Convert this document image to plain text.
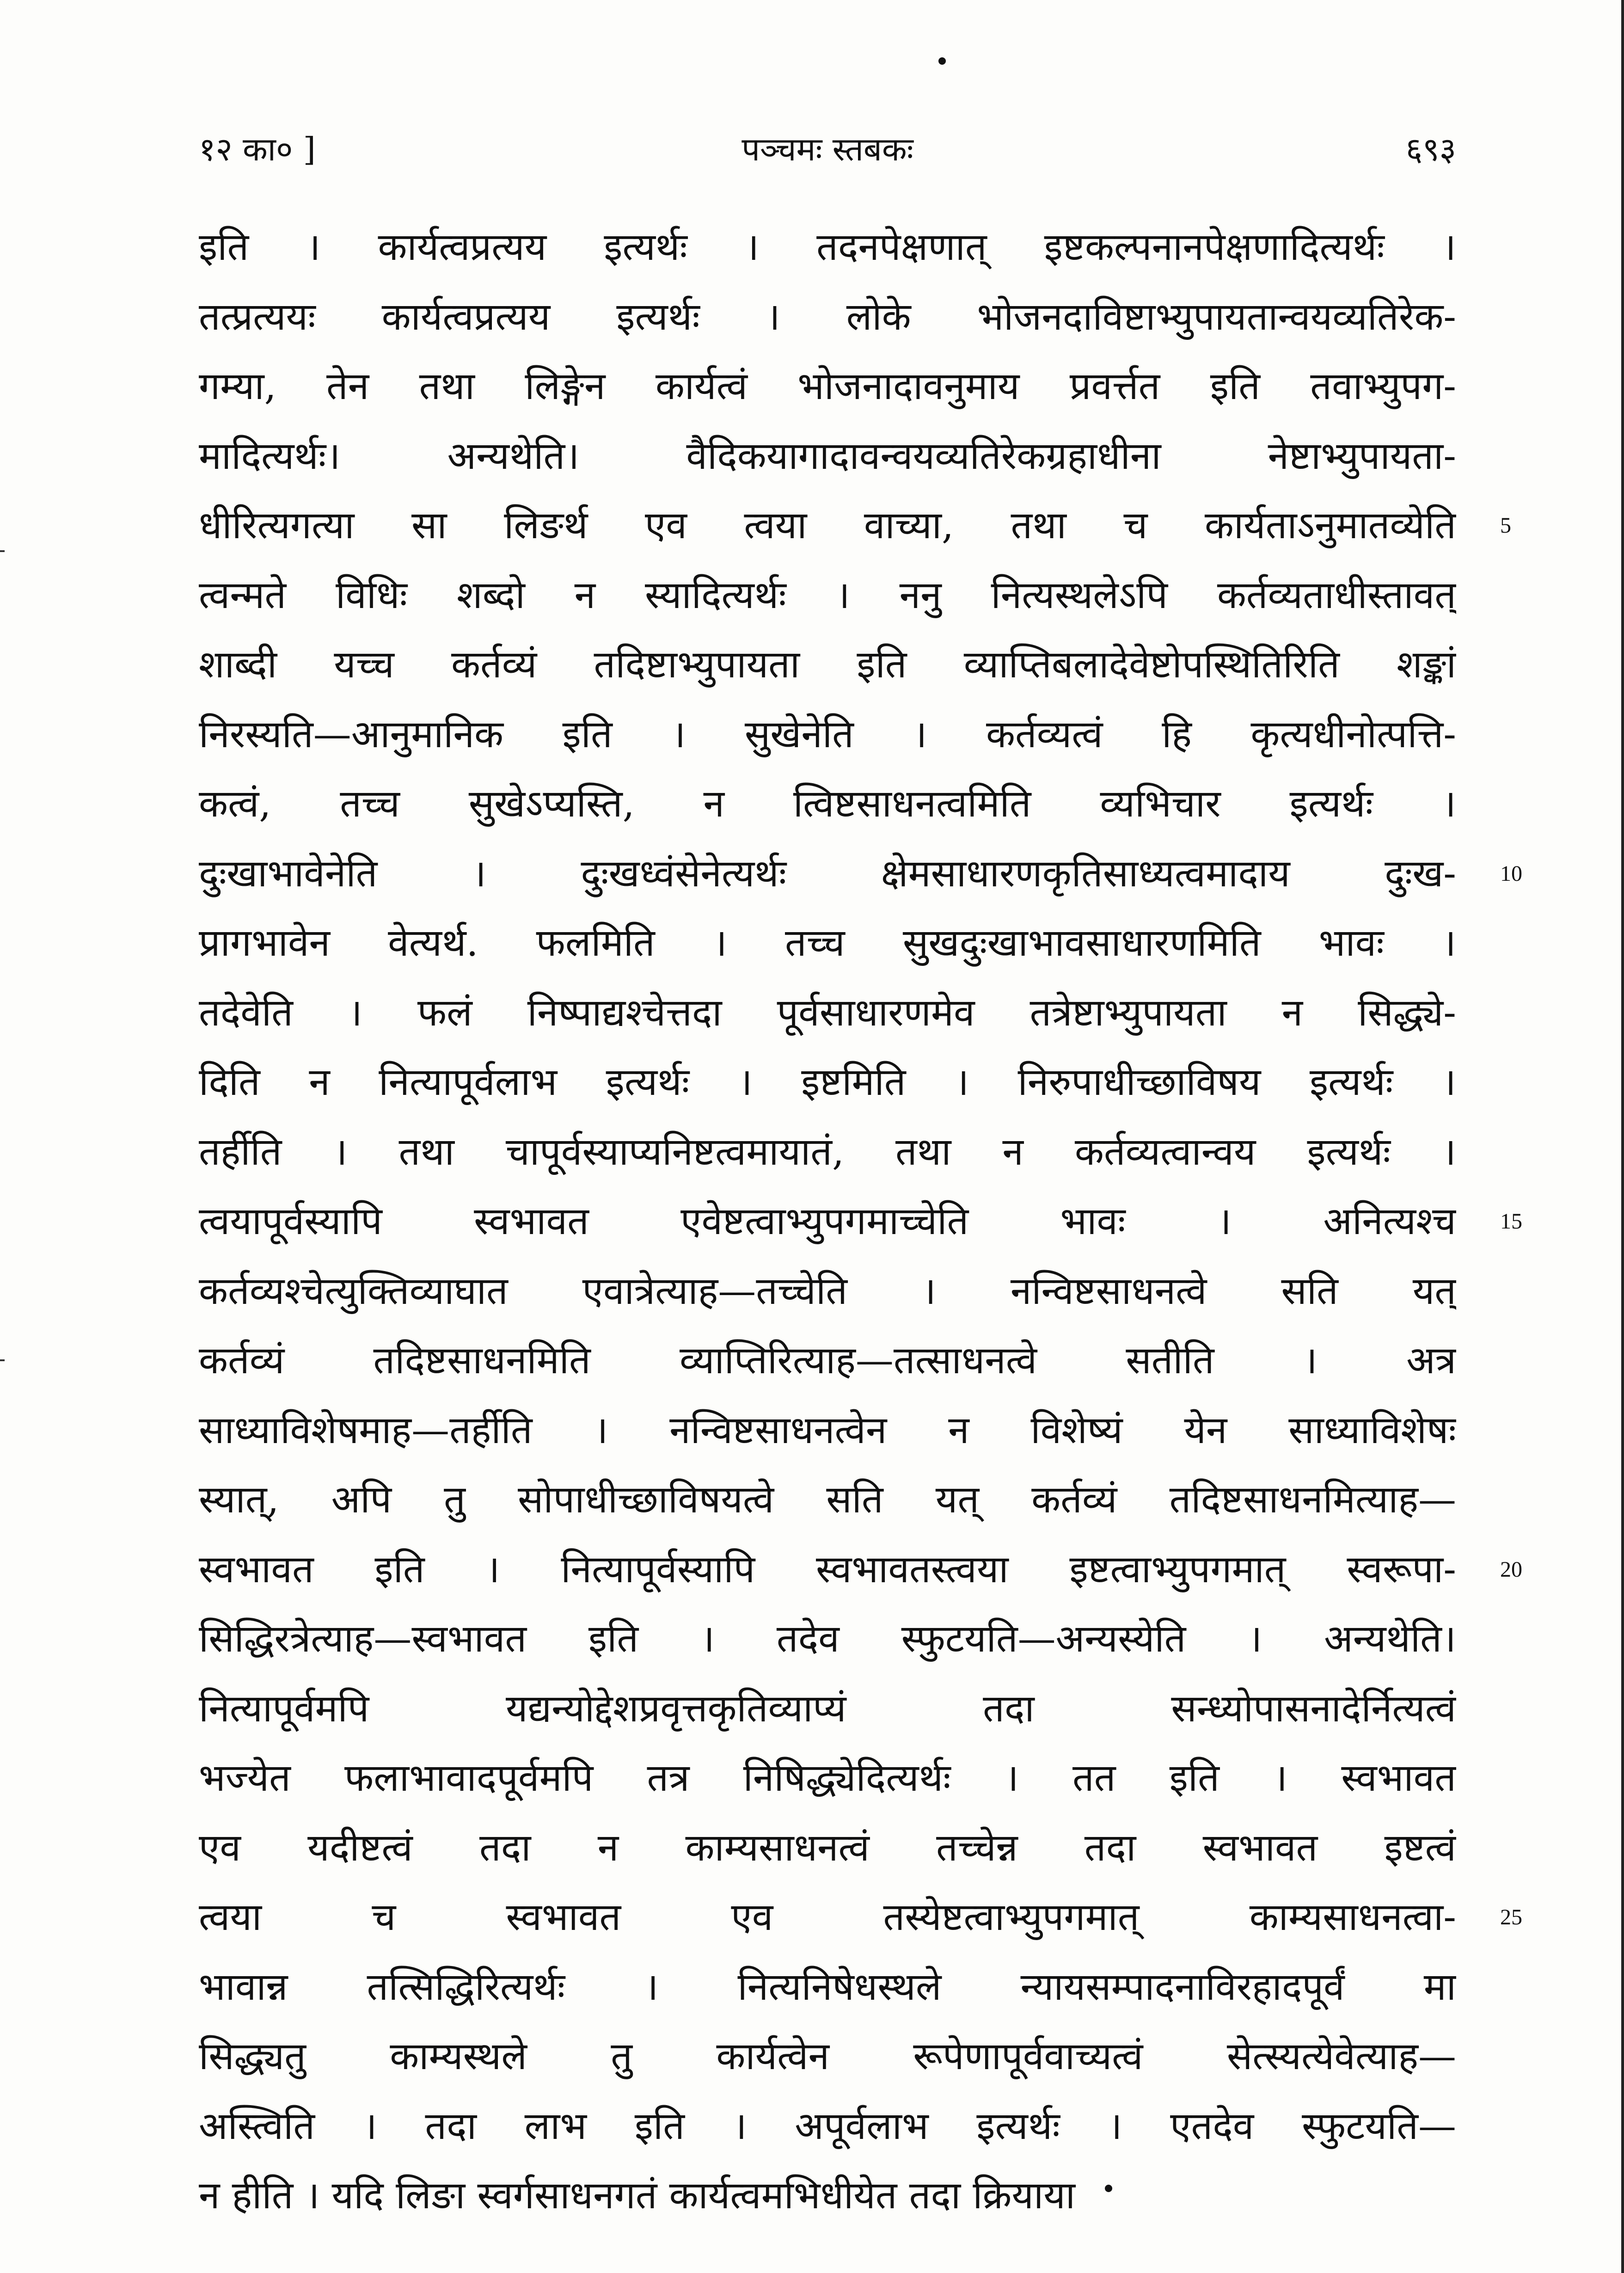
१२ का० ]	पञ्चमः स्तबकः	६९३
इति । कार्यत्वप्रत्यय इत्यर्थः । तदनपेक्षणात् इष्टकल्पनानपेक्षणादित्यर्थः ।
तत्प्रत्ययः कार्यत्वप्रत्यय इत्यर्थः । लोके भोजनदाविष्टाभ्युपायतान्वयव्यतिरेक-
गम्या, तेन तथा लिङ्गेन कार्यत्वं भोजनादावनुमाय प्रवर्त्तत इति तवाभ्युपग-
मादित्यर्थः। अन्यथेति। वैदिकयागादावन्वयव्यतिरेकग्रहाधीना नेष्टाभ्युपायता-
धीरित्यगत्या सा लिङर्थ एव त्वया वाच्या, तथा च कार्यताऽनुमातव्येति
त्वन्मते विधिः शब्दो न स्यादित्यर्थः । ननु नित्यस्थलेऽपि कर्तव्यताधीस्तावत्
शाब्दी यच्च कर्तव्यं तदिष्टाभ्युपायता इति व्याप्तिबलादेवेष्टोपस्थितिरिति शङ्कां
निरस्यति—आनुमानिक इति । सुखेनेति । कर्तव्यत्वं हि कृत्यधीनोत्पत्ति-
कत्वं, तच्च सुखेऽप्यस्ति, न त्विष्टसाधनत्वमिति व्यभिचार इत्यर्थः ।
दुःखाभावेनेति । दुःखध्वंसेनेत्यर्थः क्षेमसाधारणकृतिसाध्यत्वमादाय दुःख-
प्रागभावेन वेत्यर्थ. फलमिति । तच्च सुखदुःखाभावसाधारणमिति भावः ।
तदेवेति । फलं निष्पाद्यश्चेत्तदा पूर्वसाधारणमेव तत्रेष्टाभ्युपायता न सिद्ध्ये-
दिति न नित्यापूर्वलाभ इत्यर्थः । इष्टमिति । निरुपाधीच्छाविषय इत्यर्थः ।
तर्हीति । तथा चापूर्वस्याप्यनिष्टत्वमायातं, तथा न कर्तव्यत्वान्वय इत्यर्थः ।
त्वयापूर्वस्यापि स्वभावत एवेष्टत्वाभ्युपगमाच्चेति भावः । अनित्यश्च
कर्तव्यश्चेत्युक्तिव्याघात एवात्रेत्याह—तच्चेति । नन्विष्टसाधनत्वे सति यत्
कर्तव्यं तदिष्टसाधनमिति व्याप्तिरित्याह—तत्साधनत्वे सतीति । अत्र
साध्याविशेषमाह—तर्हीति । नन्विष्टसाधनत्वेन न विशेष्यं येन साध्याविशेषः
स्यात्, अपि तु सोपाधीच्छाविषयत्वे सति यत् कर्तव्यं तदिष्टसाधनमित्याह—
स्वभावत इति । नित्यापूर्वस्यापि स्वभावतस्त्वया इष्टत्वाभ्युपगमात् स्वरूपा-
सिद्धिरत्रेत्याह—स्वभावत इति । तदेव स्फुटयति—अन्यस्येति । अन्यथेति।
नित्यापूर्वमपि यद्यन्योद्देशप्रवृत्तकृतिव्याप्यं तदा सन्ध्योपासनादेर्नित्यत्वं
भज्येत फलाभावादपूर्वमपि तत्र निषिद्ध्येदित्यर्थः । तत इति । स्वभावत
एव यदीष्टत्वं तदा न काम्यसाधनत्वं तच्चेन्न तदा स्वभावत इष्टत्वं
त्वया च स्वभावत एव तस्येष्टत्वाभ्युपगमात् काम्यसाधनत्वा-
भावान्न तत्सिद्धिरित्यर्थः । नित्यनिषेधस्थले न्यायसम्पादनाविरहादपूर्वं मा
सिद्ध्यतु काम्यस्थले तु कार्यत्वेन रूपेणापूर्ववाच्यत्वं सेत्स्यत्येवेत्याह—
अस्त्विति । तदा लाभ इति । अपूर्वलाभ इत्यर्थः । एतदेव स्फुटयति—
न हीति । यदि लिङा स्वर्गसाधनगतं कार्यत्वमभिधीयेत तदा क्रियाया
5
10
15
20
25
